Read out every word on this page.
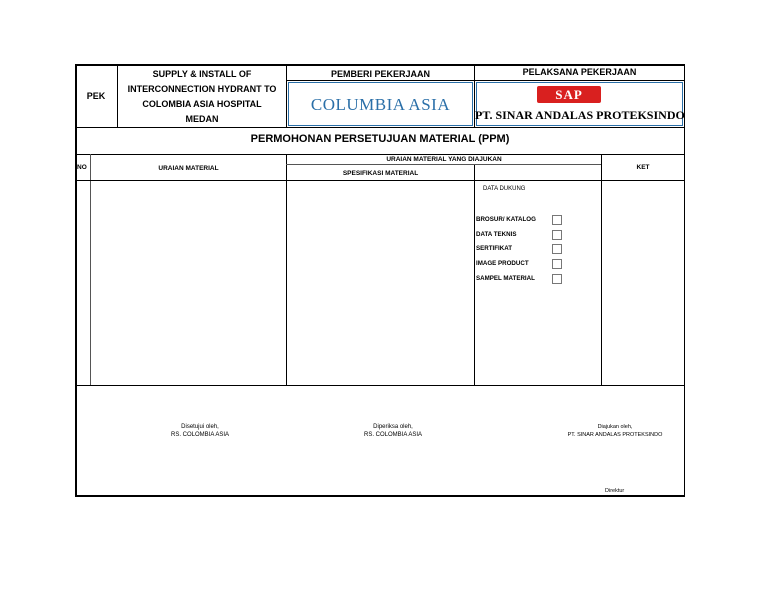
PEK
SUPPLY & INSTALL OF
INTERCONNECTION HYDRANT TO
COLOMBIA ASIA HOSPITAL
MEDAN
PEMBERI PEKERJAAN	PELAKSANA PEKERJAAN
COLUMBIA ASIA
SAP
PT. SINAR ANDALAS PROTEKSINDO
PERMOHONAN PERSETUJUAN MATERIAL (PPM)
NO	URAIAN MATERIAL
URAIAN MATERIAL YANG DIAJUKAN
SPESIFIKASI MATERIAL
KET
DATA DUKUNG
BROSUR/ KATALOG
DATA TEKNIS
SERTIFIKAT
IMAGE PRODUCT
SAMPEL MATERIAL
Disetujui oleh,
RS. COLOMBIA ASIA
Diperiksa oleh,
RS. COLOMBIA ASIA
Diajukan oleh,
PT. SINAR ANDALAS PROTEKSINDO
Direktur
